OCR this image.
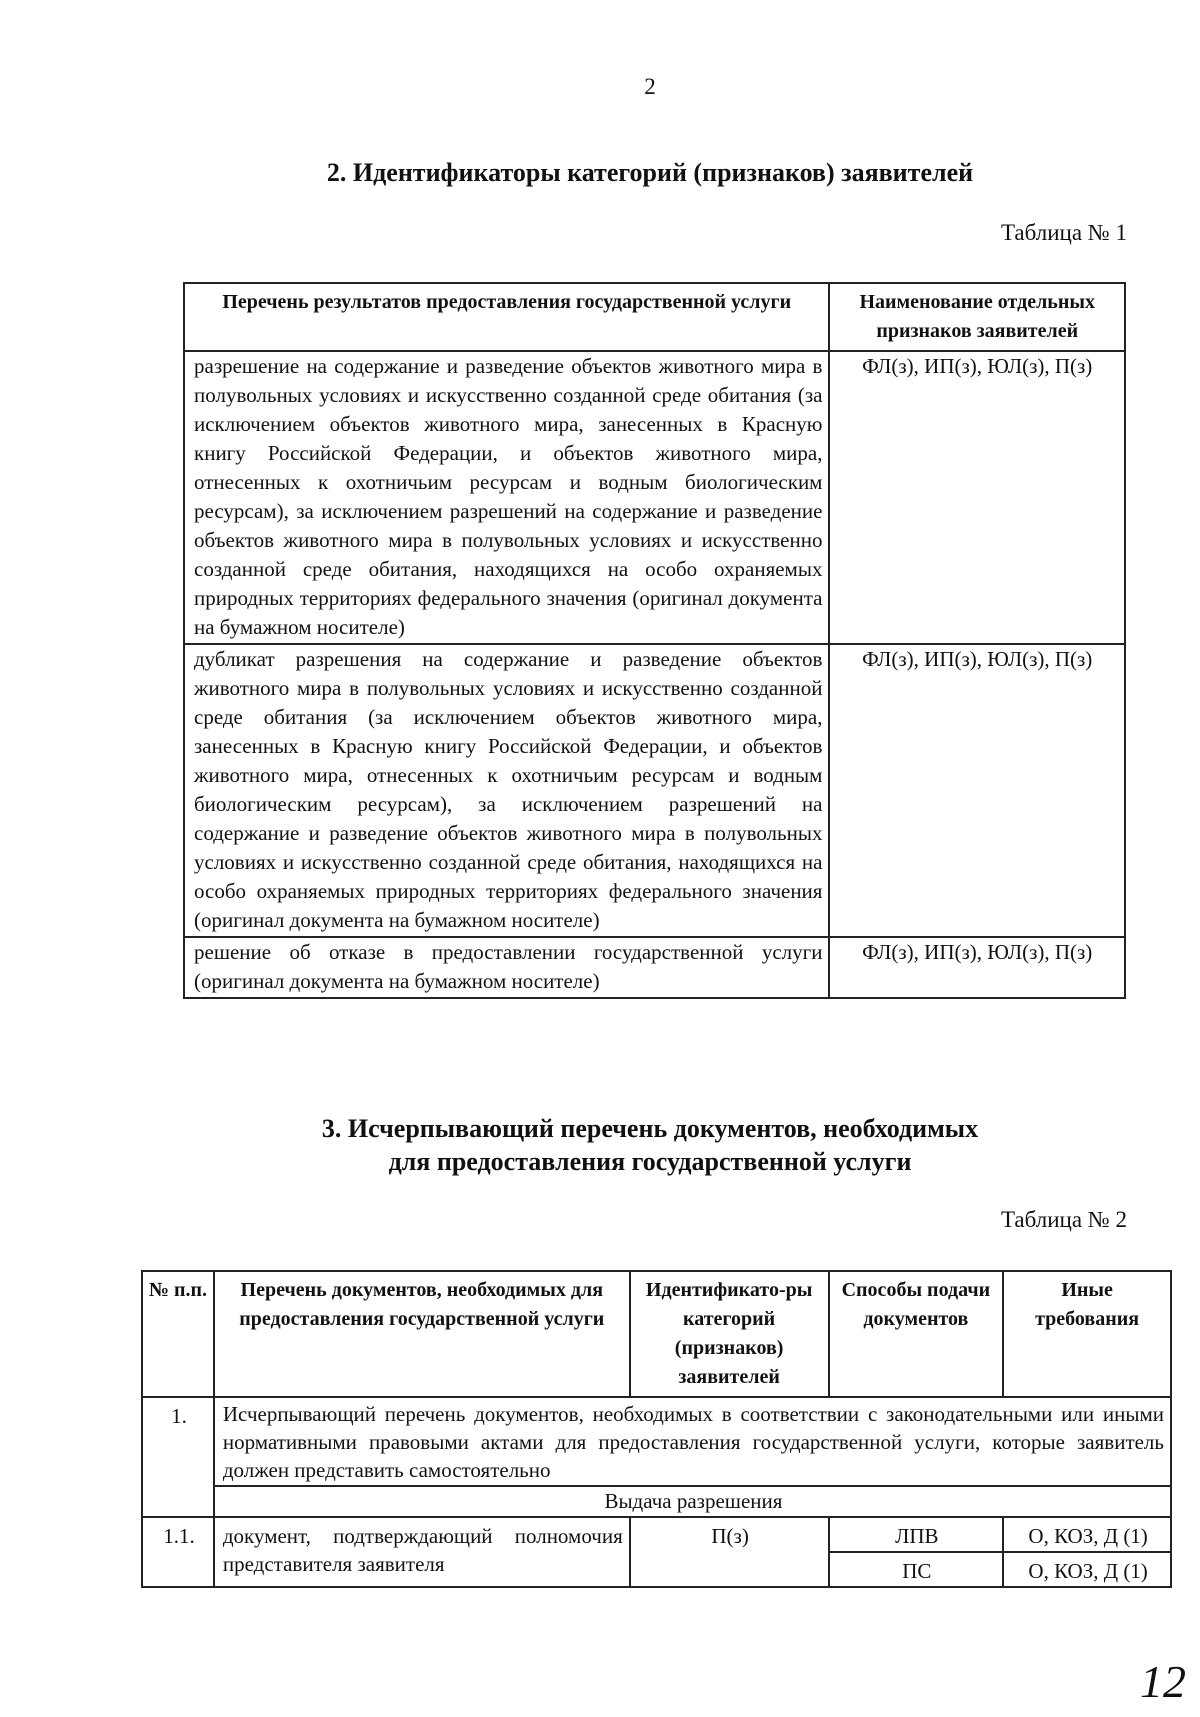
2
2. Идентификаторы категорий (признаков) заявителей
Таблица № 1
Перечень результатов предоставления государственной услуги	Наименование отдельных признаков заявителей
разрешение на содержание и разведение объектов животного мира в полувольных условиях и искусственно созданной среде обитания (за исключением объектов животного мира, занесенных в Красную книгу Российской Федерации, и объектов животного мира, отнесенных к охотничьим ресурсам и водным биологическим ресурсам), за исключением разрешений на содержание и разведение объектов животного мира в полувольных условиях и искусственно созданной среде обитания, находящихся на особо охраняемых природных территориях федерального значения (оригинал документа на бумажном носителе)	ФЛ(з), ИП(з), ЮЛ(з), П(з)
дубликат разрешения на содержание и разведение объектов животного мира в полувольных условиях и искусственно созданной среде обитания (за исключением объектов животного мира, занесенных в Красную книгу Российской Федерации, и объектов животного мира, отнесенных к охотничьим ресурсам и водным биологическим ресурсам), за исключением разрешений на содержание и разведение объектов животного мира в полувольных условиях и искусственно созданной среде обитания, находящихся на особо охраняемых природных территориях федерального значения (оригинал документа на бумажном носителе)	ФЛ(з), ИП(з), ЮЛ(з), П(з)
решение об отказе в предоставлении государственной услуги (оригинал документа на бумажном носителе)	ФЛ(з), ИП(з), ЮЛ(з), П(з)
3. Исчерпывающий перечень документов, необходимых
для предоставления государственной услуги
Таблица № 2
№ п.п.	Перечень документов, необходимых для предоставления государственной услуги	Идентификато-ры категорий (признаков) заявителей	Способы подачи документов	Иные требования
1.	Исчерпывающий перечень документов, необходимых в соответствии с законодательными или иными нормативными правовыми актами для предоставления государственной услуги, которые заявитель должен представить самостоятельно			
	Выдача разрешения			
1.1.	документ, подтверждающий полномочия представителя заявителя	П(з)	ЛПВ	О, КОЗ, Д (1)
			ПС	О, КОЗ, Д (1)
12
